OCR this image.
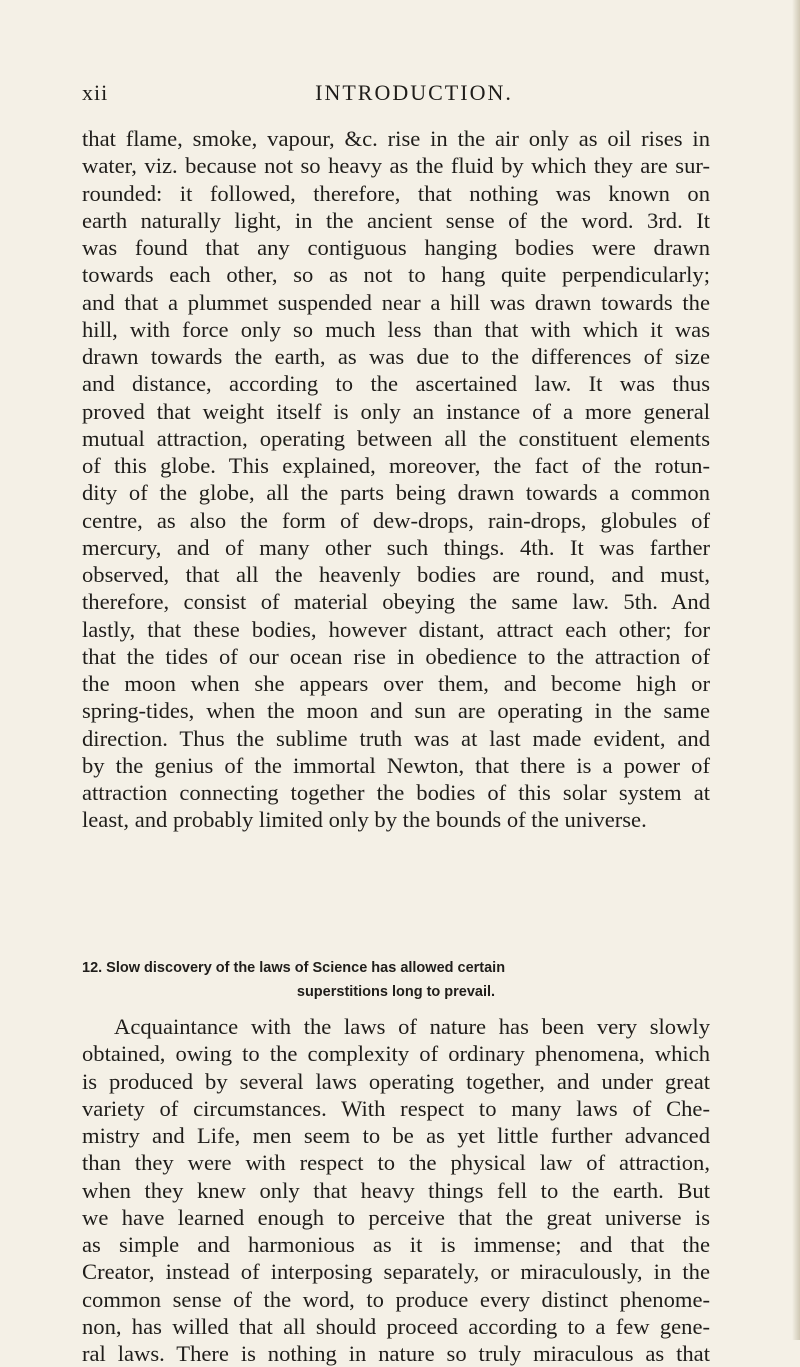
xii	INTRODUCTION.
that flame, smoke, vapour, &c. rise in the air only as oil rises in
water, viz. because not so heavy as the fluid by which they are sur-
rounded: it followed, therefore, that nothing was known on
earth naturally light, in the ancient sense of the word. 3rd. It
was found that any contiguous hanging bodies were drawn
towards each other, so as not to hang quite perpendicularly;
and that a plummet suspended near a hill was drawn towards the
hill, with force only so much less than that with which it was
drawn towards the earth, as was due to the differences of size
and distance, according to the ascertained law. It was thus
proved that weight itself is only an instance of a more general
mutual attraction, operating between all the constituent elements
of this globe. This explained, moreover, the fact of the rotun-
dity of the globe, all the parts being drawn towards a common
centre, as also the form of dew-drops, rain-drops, globules of
mercury, and of many other such things. 4th. It was farther
observed, that all the heavenly bodies are round, and must,
therefore, consist of material obeying the same law. 5th. And
lastly, that these bodies, however distant, attract each other; for
that the tides of our ocean rise in obedience to the attraction of
the moon when she appears over them, and become high or
spring-tides, when the moon and sun are operating in the same
direction. Thus the sublime truth was at last made evident, and
by the genius of the immortal Newton, that there is a power of
attraction connecting together the bodies of this solar system at
least, and probably limited only by the bounds of the universe.
12. Slow discovery of the laws of Science has allowed certain
superstitions long to prevail.
Acquaintance with the laws of nature has been very slowly
obtained, owing to the complexity of ordinary phenomena, which
is produced by several laws operating together, and under great
variety of circumstances. With respect to many laws of Che-
mistry and Life, men seem to be as yet little further advanced
than they were with respect to the physical law of attraction,
when they knew only that heavy things fell to the earth. But
we have learned enough to perceive that the great universe is
as simple and harmonious as it is immense; and that the
Creator, instead of interposing separately, or miraculously, in the
common sense of the word, to produce every distinct phenome-
non, has willed that all should proceed according to a few gene-
ral laws. There is nothing in nature so truly miraculous as that
